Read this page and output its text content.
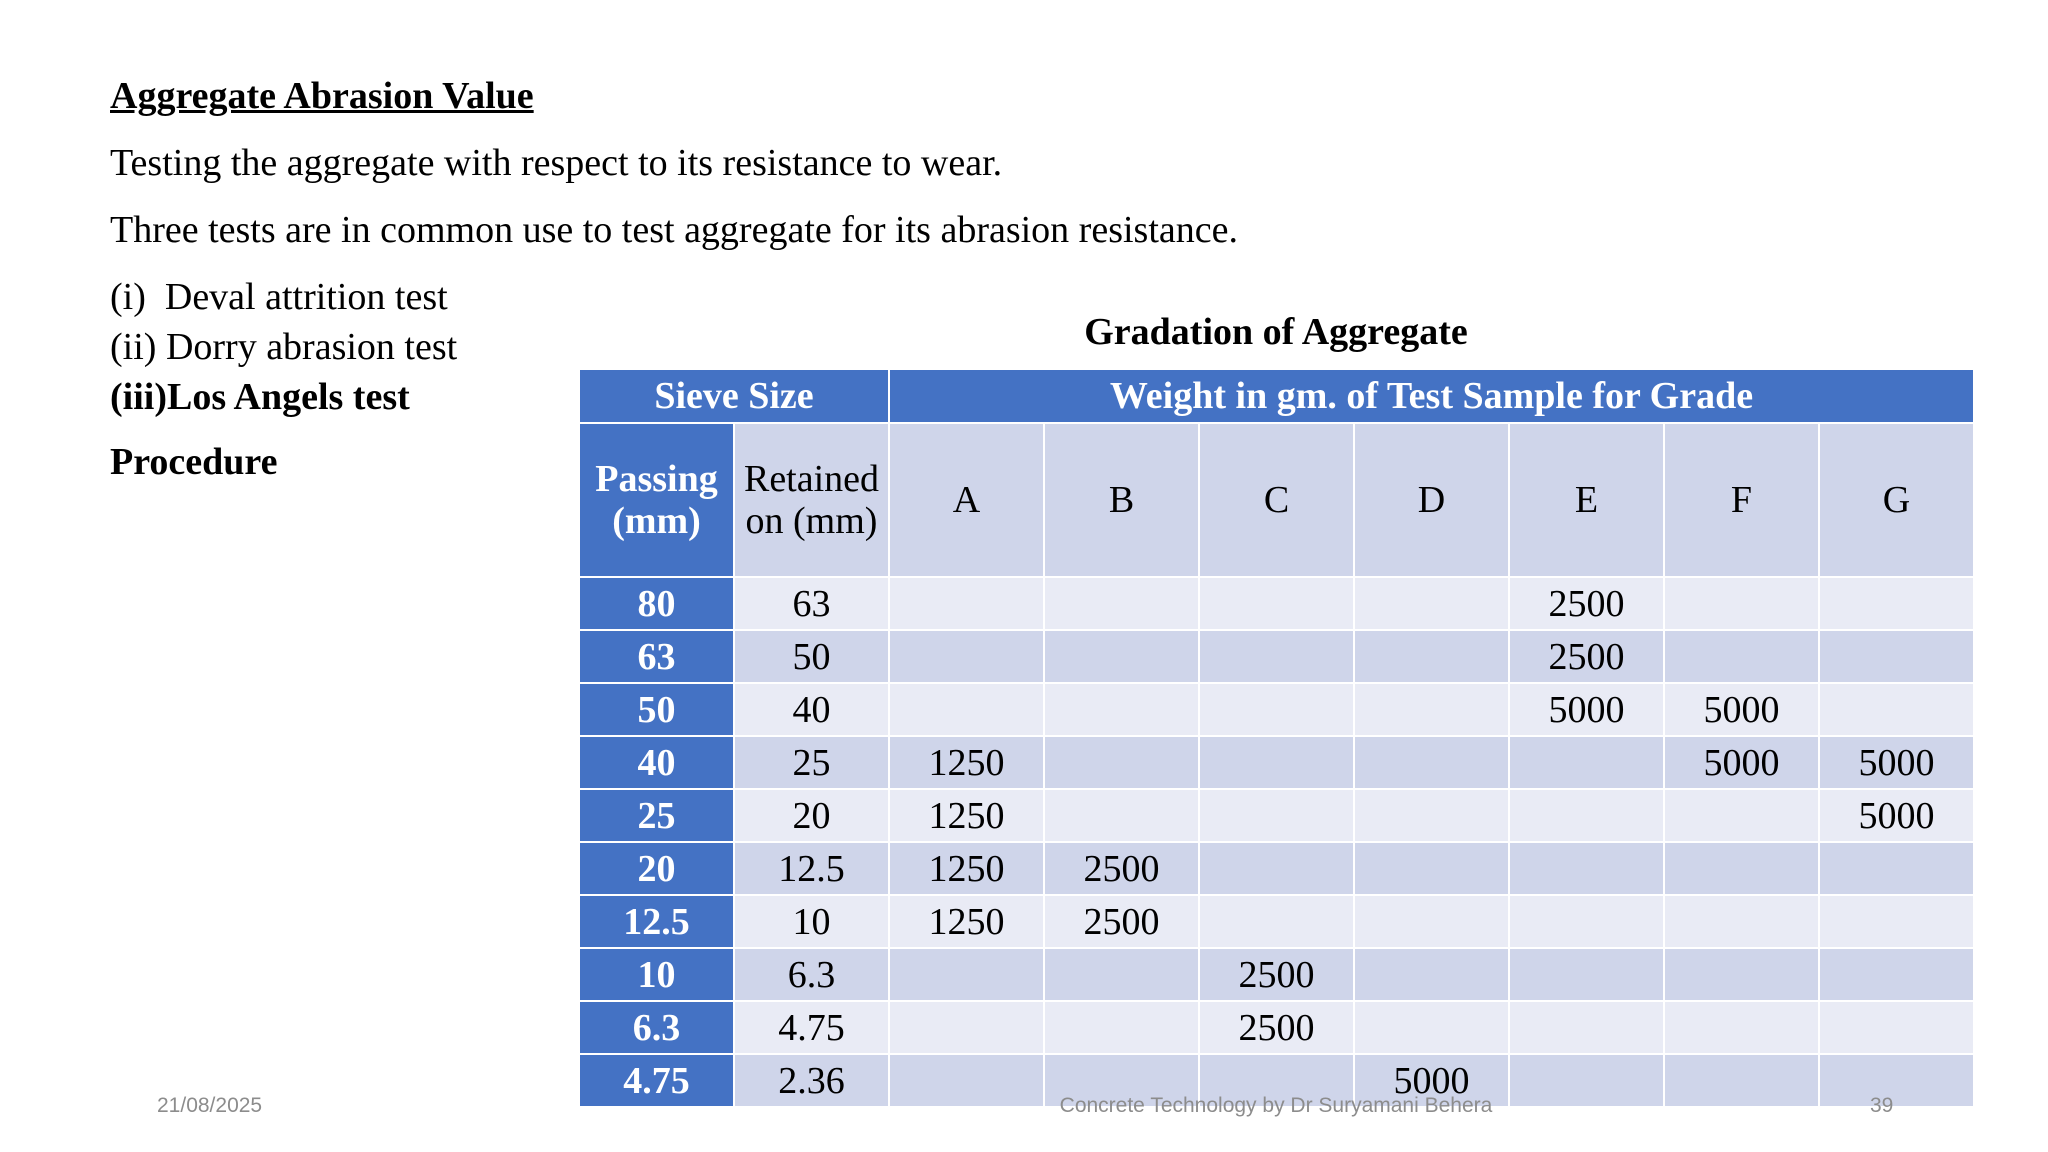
Aggregate Abrasion Value
Testing the aggregate with respect to its resistance to wear.
Three tests are in common use to test aggregate for its abrasion resistance.
(i) Deval attrition test
(ii) Dorry abrasion test
(iii)Los Angels test
Procedure
Gradation of Aggregate
Sieve Size		Weight in gm. of Test Sample for Grade						
Passing (mm)	Retained on (mm)	A	B	C	D	E	F	G
80	63					2500		
63	50					2500		
50	40					5000	5000	
40	25	1250					5000	5000
25	20	1250						5000
20	12.5	1250	2500					
12.5	10	1250	2500					
10	6.3			2500				
6.3	4.75			2500				
4.75	2.36				5000			
21/08/2025	Concrete Technology by Dr Suryamani Behera	39
